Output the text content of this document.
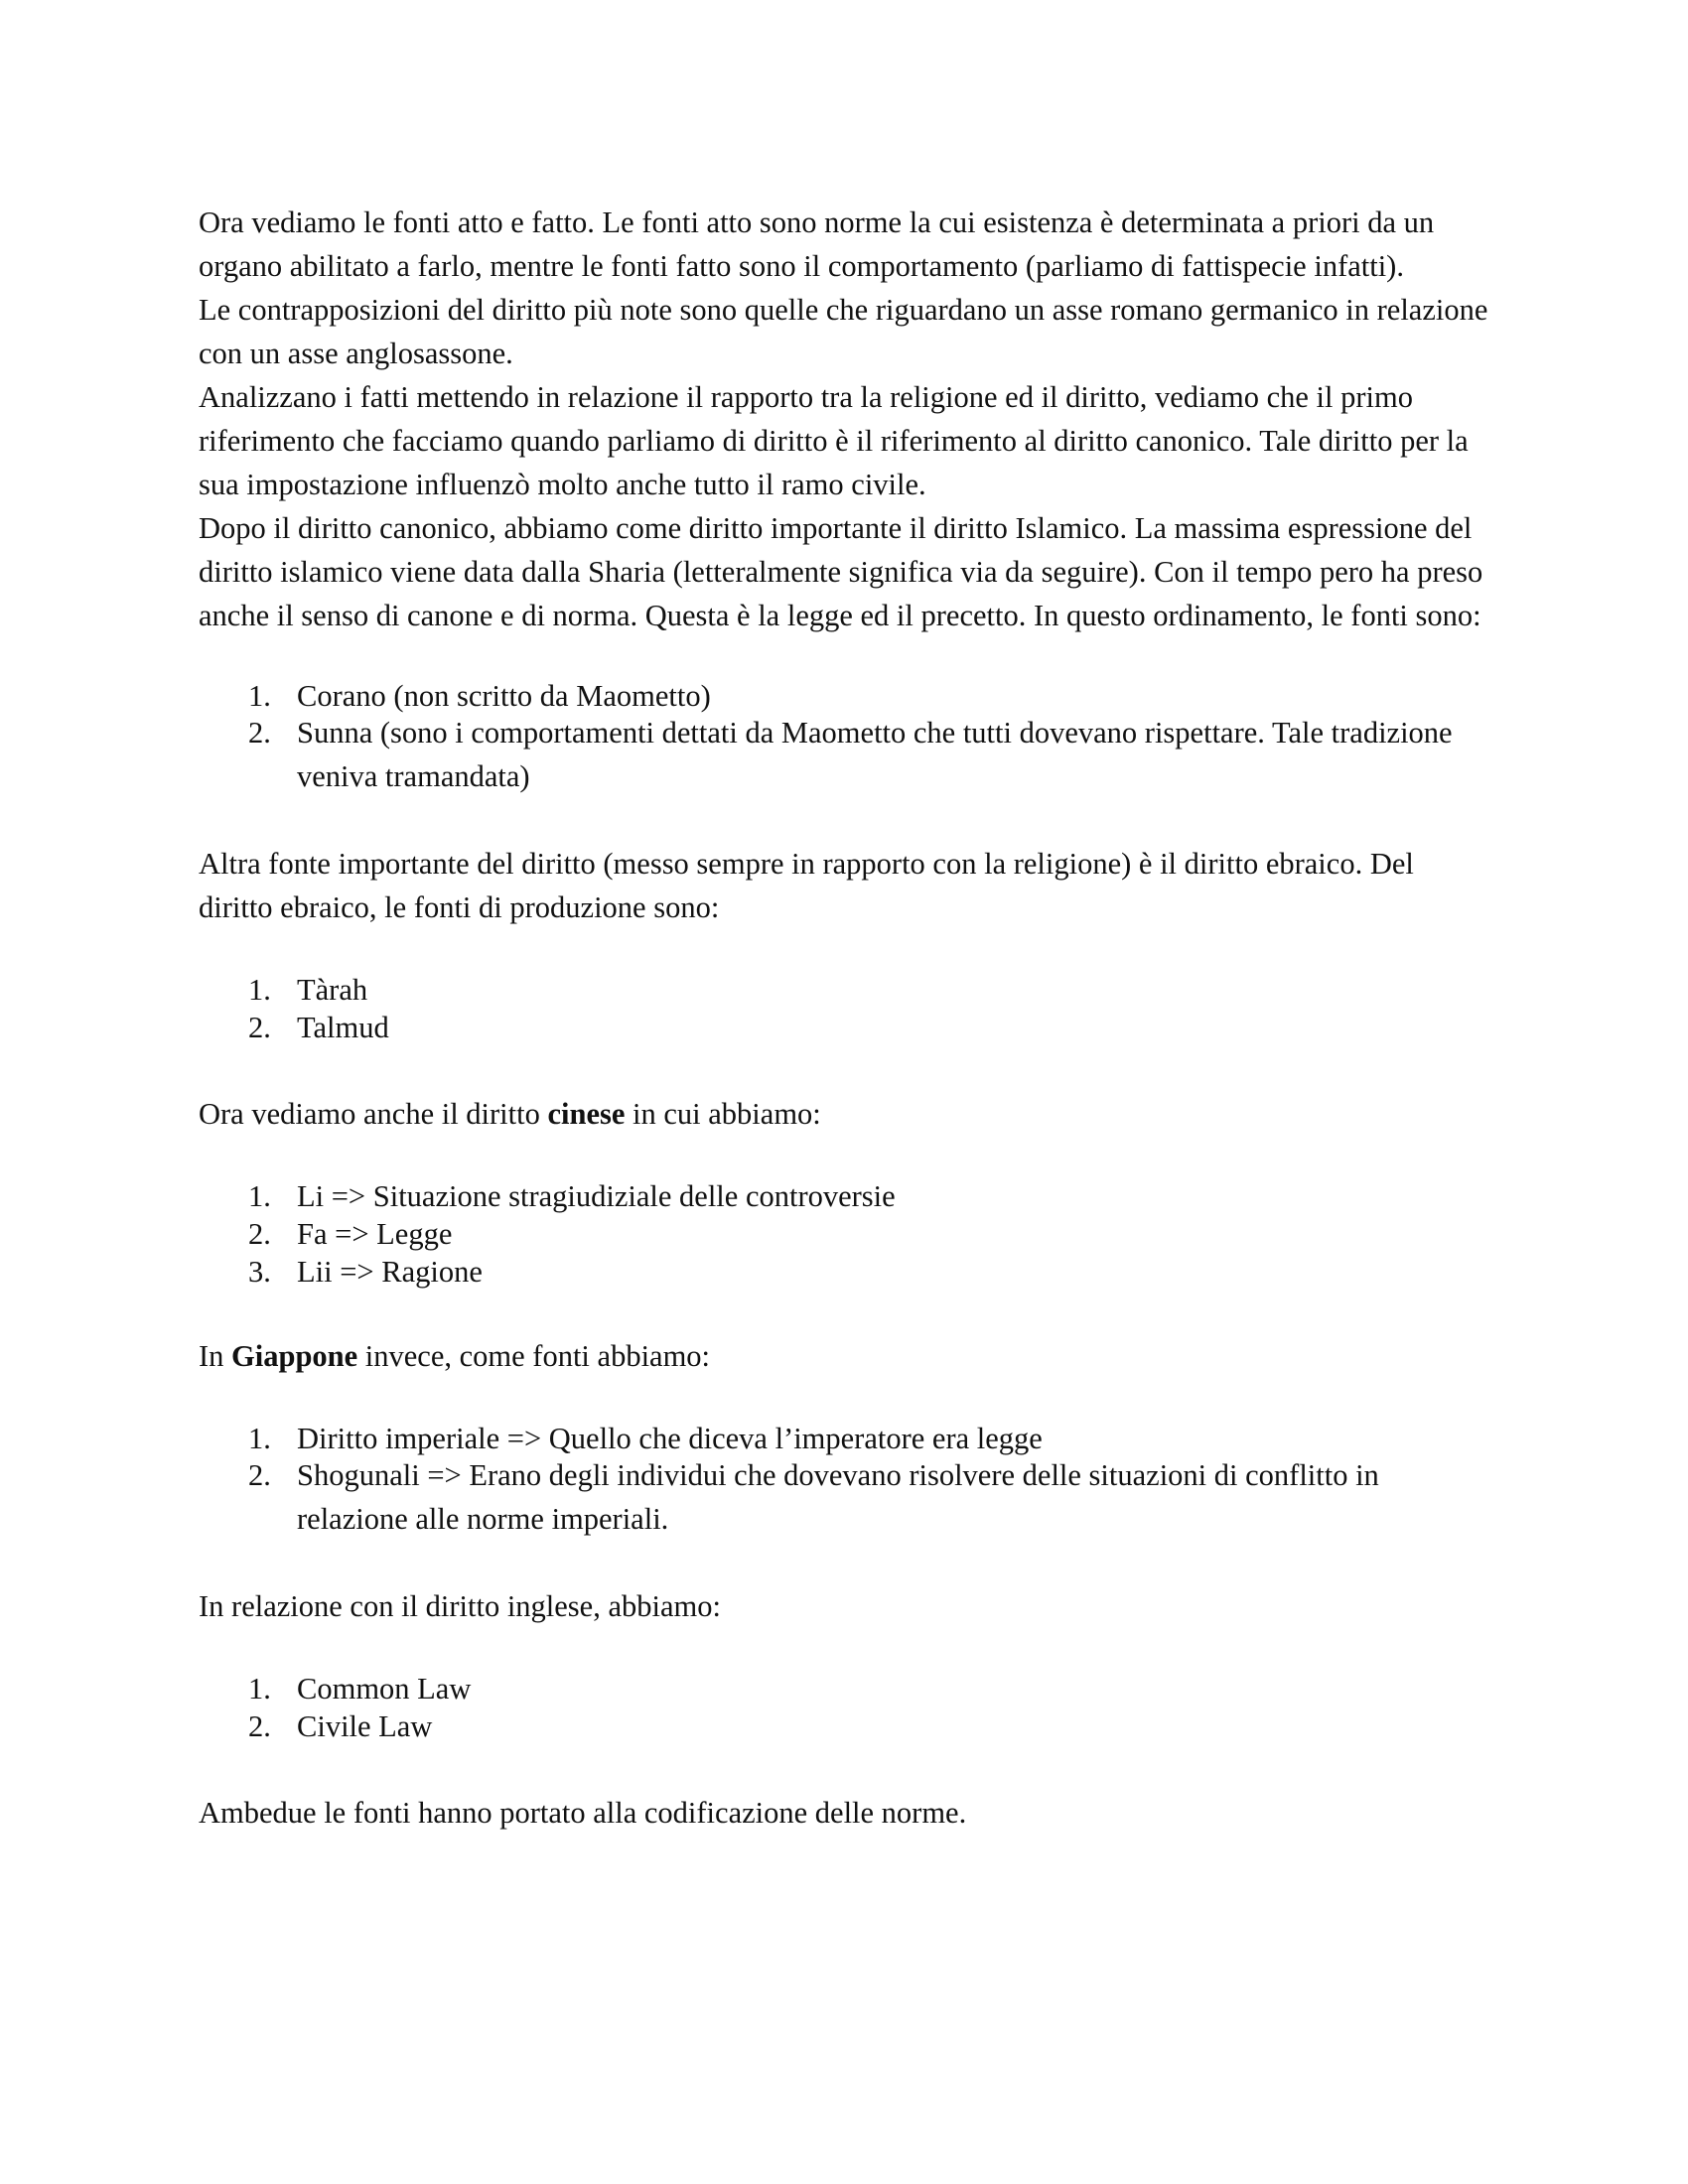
Ora vediamo le fonti atto e fatto. Le fonti atto sono norme la cui esistenza è determinata a priori da un organo abilitato a farlo, mentre le fonti fatto sono il comportamento (parliamo di fattispecie infatti).

Le contrapposizioni del diritto più note sono quelle che riguardano un asse romano germanico in relazione con un asse anglosassone.

Analizzano i fatti mettendo in relazione il rapporto tra la religione ed il diritto, vediamo che il primo riferimento che facciamo quando parliamo di diritto è il riferimento al diritto canonico. Tale diritto per la sua impostazione influenzò molto anche tutto il ramo civile.

Dopo il diritto canonico, abbiamo come diritto importante il diritto Islamico. La massima espressione del diritto islamico viene data dalla Sharia (letteralmente significa via da seguire). Con il tempo pero ha preso anche il senso di canone e di norma. Questa è la legge ed il precetto. In questo ordinamento, le fonti sono:

1. Corano (non scritto da Maometto)
2. Sunna (sono i comportamenti dettati da Maometto che tutti dovevano rispettare. Tale tradizione veniva tramandata)

Altra fonte importante del diritto (messo sempre in rapporto con la religione) è il diritto ebraico. Del diritto ebraico, le fonti di produzione sono:

1. Tàrah
2. Talmud

Ora vediamo anche il diritto cinese in cui abbiamo:

1. Li => Situazione stragiudiziale delle controversie
2. Fa => Legge
3. Lii => Ragione

In Giappone invece, come fonti abbiamo:

1. Diritto imperiale => Quello che diceva l’imperatore era legge
2. Shogunali => Erano degli individui che dovevano risolvere delle situazioni di conflitto in relazione alle norme imperiali.

In relazione con il diritto inglese, abbiamo:

1. Common Law
2. Civile Law

Ambedue le fonti hanno portato alla codificazione delle norme.
